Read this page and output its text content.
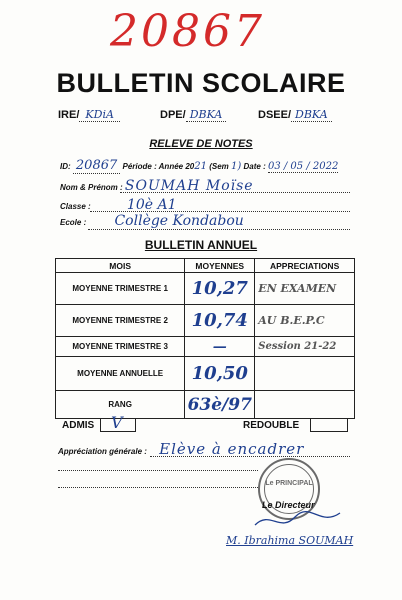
20867
BULLETIN SCOLAIRE
IRE/ KDiA	DPE/ DBKA	DSEE/ DBKA
RELEVE DE NOTES
ID: 20867 Période : Année 2021 (Sem 1) Date : 03 / 05 / 2022
Nom & Prénom : SOUMAH Moïse
Classe :	10è A1
Ecole : Collège Kondabou
BULLETIN ANNUEL
MOIS	MOYENNES	APPRECIATIONS
MOYENNE TRIMESTRE 1	10,27	EN EXAMEN
MOYENNE TRIMESTRE 2	10,74	AU B.E.P.C
MOYENNE TRIMESTRE 3	—	Session 21-22
MOYENNE ANNUELLE	10,50	
RANG	63è/97	
ADMIS V	REDOUBLE
Appréciation générale : Elève à encadrer
Le PRINCIPAL
Le Directeur
M. Ibrahima SOUMAH
